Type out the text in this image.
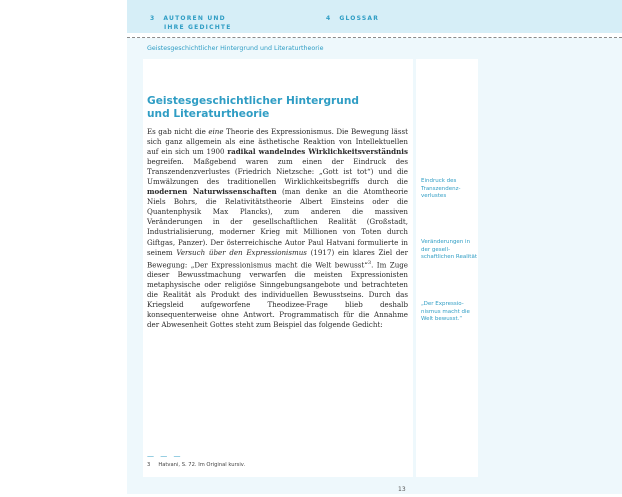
3 AUTOREN UND
IHRE GEDICHTE
4 GLOSSAR
Geistesgeschichtlicher Hintergrund und Literaturtheorie
Geistesgeschichtlicher Hintergrund
und Literaturtheorie
Es gab nicht die eine Theorie des Expressionismus. Die Bewegung lässt sich ganz allgemein als eine ästhetische Reaktion von Intellektuellen auf ein sich um 1900 radikal wandelndes Wirklichkeitsverständnis begreifen. Maßgebend waren zum einen der Eindruck des Transzendenzverlustes (Friedrich Nietzsche: „Gott ist tot“) und die Umwälzungen des traditionellen Wirklichkeitsbegriffs durch die modernen Naturwissenschaften (man denke an die Atomtheorie Niels Bohrs, die Relativitätstheorie Albert Einsteins oder die Quantenphysik Max Plancks), zum anderen die massiven Veränderungen in der gesellschaftlichen Realität (Großstadt, Industrialisierung, moderner Krieg mit Millionen von Toten durch Giftgas, Panzer). Der österreichische Autor Paul Hatvani formulierte in seinem Versuch über den Expressionismus (1917) ein klares Ziel der Bewegung: „Der Expressionismus macht die Welt bewusst“$^3$. Im Zuge dieser Bewusstmachung verwarfen die meisten Expressionisten metaphysische oder religiöse Sinngebungsangebote und betrachteten die Realität als Produkt des individuellen Bewusstseins. Durch das Kriegsleid aufgeworfene Theodizee-Frage blieb deshalb konsequenterweise ohne Antwort. Programmatisch für die Annahme der Abwesenheit Gottes steht zum Beispiel das folgende Gedicht:
Eindruck des Transzendenz-verlustes
Veränderungen in der gesell-schaftlichen Realität
„Der Expressio-nismus macht die Welt bewusst.“
— — —
3 Hatvani, S. 72. Im Original kursiv.
13
